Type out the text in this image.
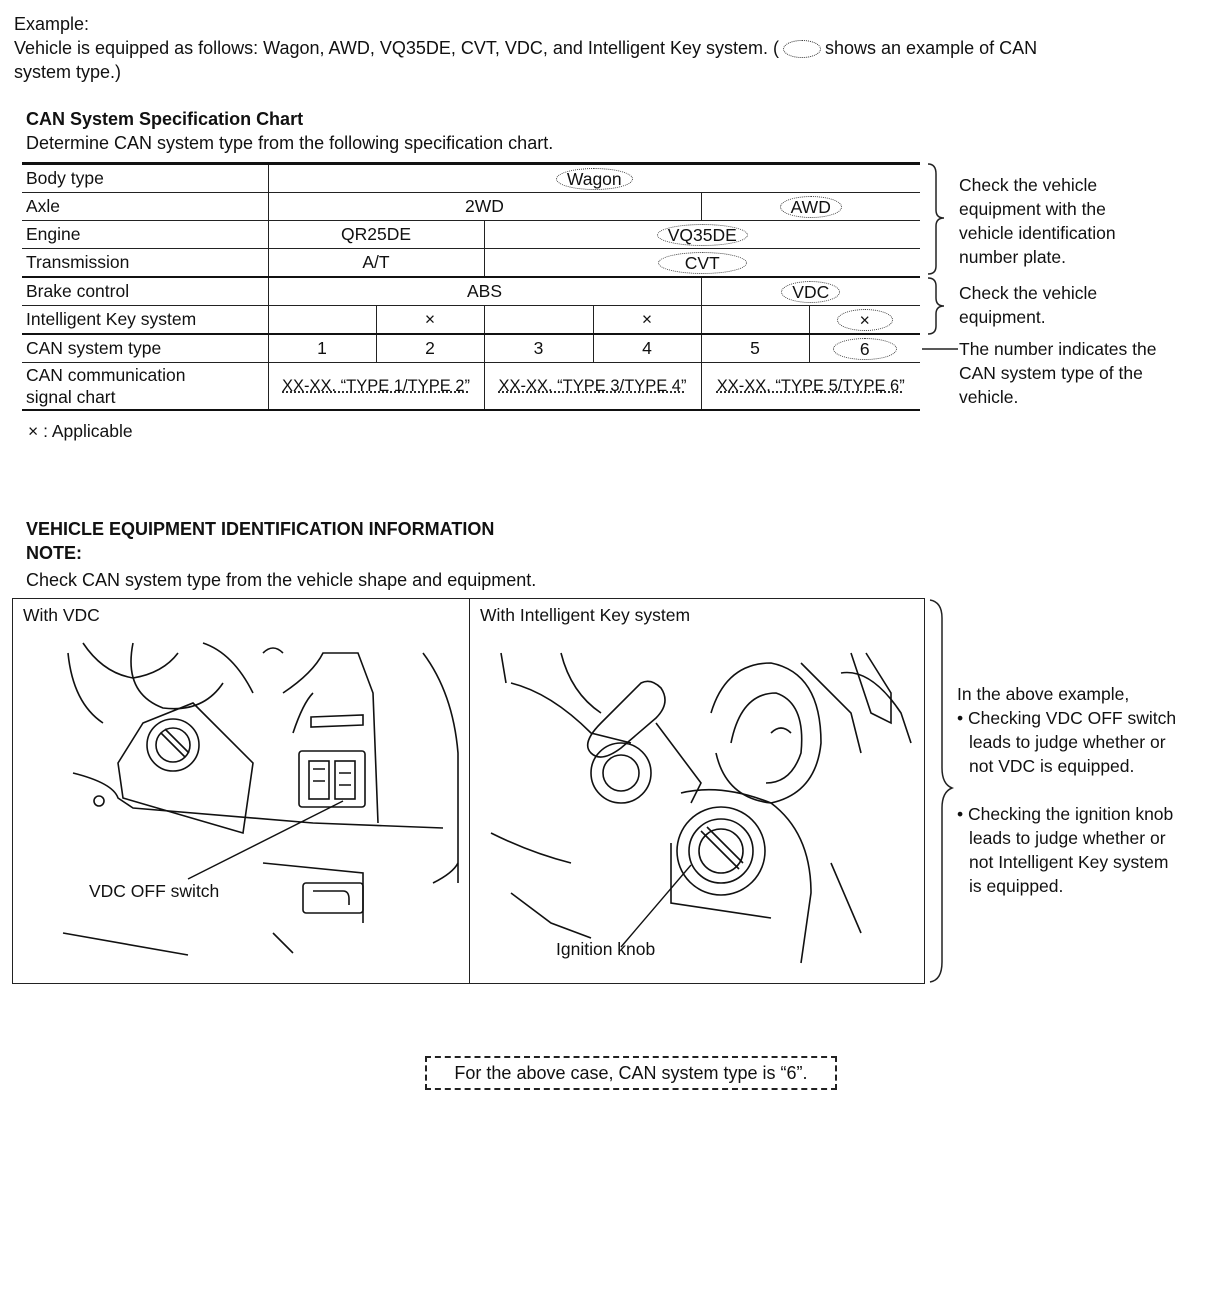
Example:
Vehicle is equipped as follows: Wagon, AWD, VQ35DE, CVT, VDC, and Intelligent Key system. (	shows an example of CAN
system type.)
CAN System Specification Chart
Determine CAN system type from the following specification chart.
Body type	Wagon					
Axle	2WD				AWD	
Engine	QR25DE		VQ35DE			
Transmission	A/T		CVT			
Brake control	ABS				VDC	
Intelligent Key system		×		×		×
CAN system type	1	2	3	4	5	6

CAN communication
signal chart	XX-XX. “TYPE 1/TYPE 2”		XX-XX. “TYPE 3/TYPE 4”		XX-XX. “TYPE 5/TYPE 6”	
× : Applicable
Check the vehicle
equipment with the
vehicle identification
number plate.
Check the vehicle
equipment.
The number indicates the
CAN system type of the
vehicle.
VEHICLE EQUIPMENT IDENTIFICATION INFORMATION
NOTE:
Check CAN system type from the vehicle shape and equipment.
With VDC	With Intelligent Key system
VDC OFF switch
Ignition knob
In the above example,
• Checking VDC OFF switch
leads to judge whether or
not VDC is equipped.
• Checking the ignition knob
leads to judge whether or
not Intelligent Key system
is equipped.
For the above case, CAN system type is “6”.
